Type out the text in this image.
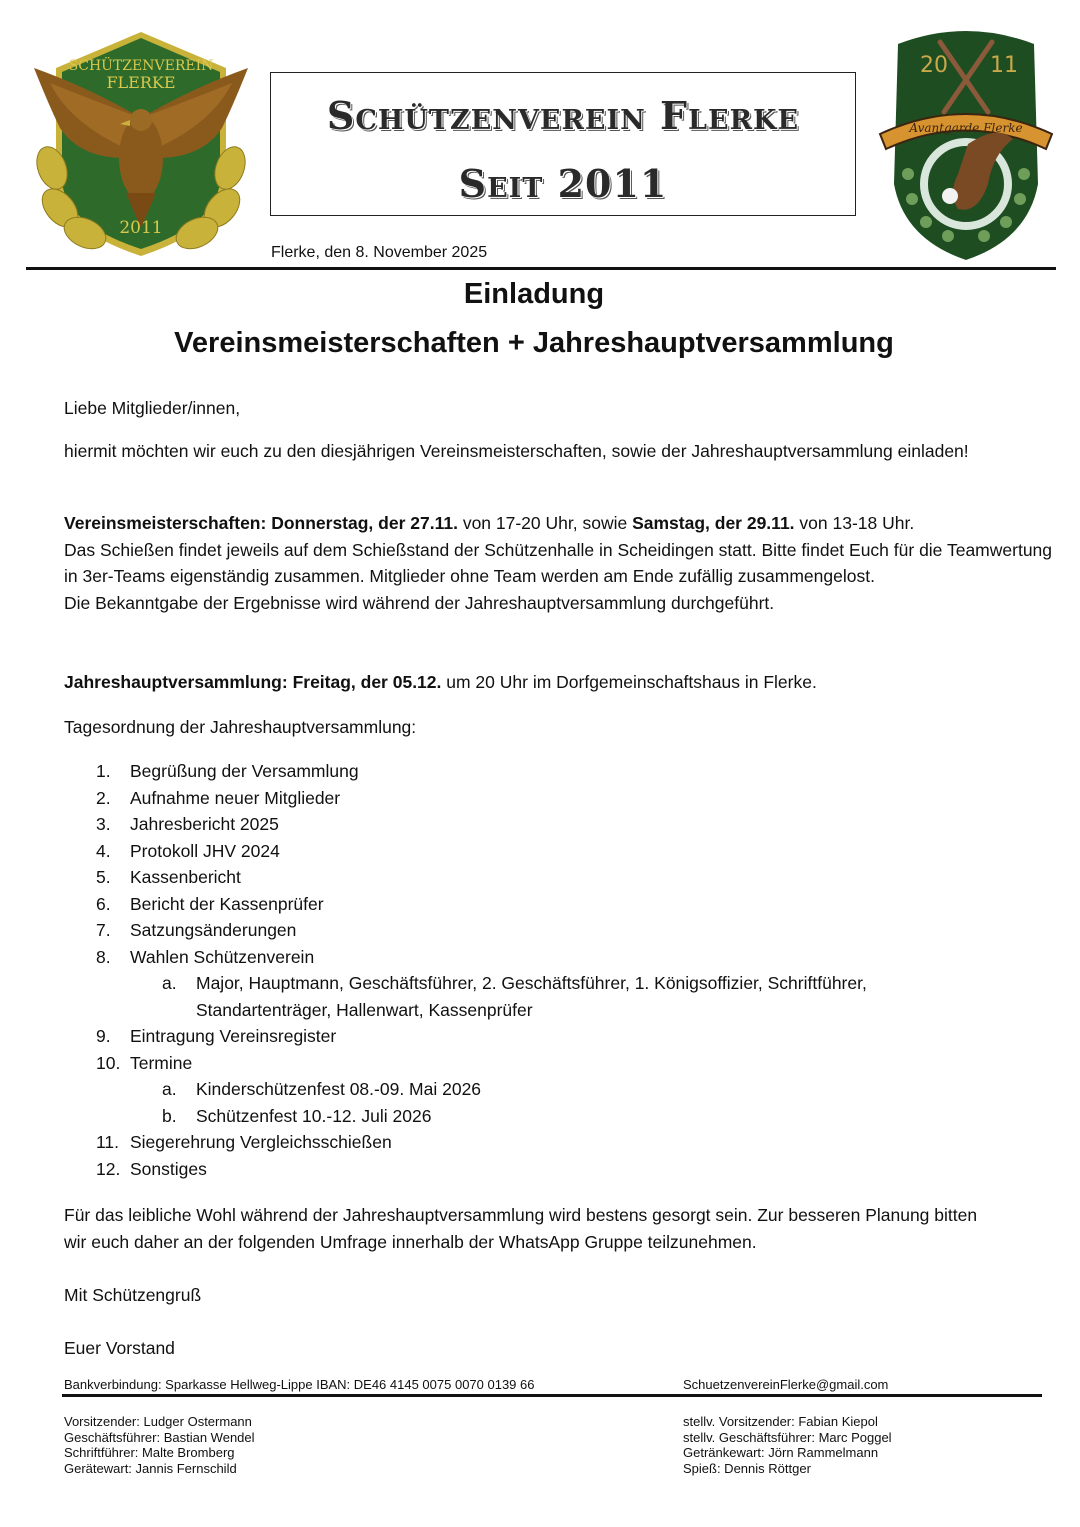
SCHÜTZENVEREIN
FLERKE
2011
Schützenverein Flerke
Seit 2011
20 11
Avantgarde Flerke
Flerke, den 8. November 2025
Einladung
Vereinsmeisterschaften + Jahreshauptversammlung
Liebe Mitglieder/innen,
hiermit möchten wir euch zu den diesjährigen Vereinsmeisterschaften, sowie der Jahreshauptversammlung einladen!
Vereinsmeisterschaften: Donnerstag, der 27.11. von 17-20 Uhr, sowie Samstag, der 29.11. von 13-18 Uhr.
Das Schießen findet jeweils auf dem Schießstand der Schützenhalle in Scheidingen statt. Bitte findet Euch für die Teamwertung in 3er-Teams eigenständig zusammen. Mitglieder ohne Team werden am Ende zufällig zusammengelost.
Die Bekanntgabe der Ergebnisse wird während der Jahreshauptversammlung durchgeführt.
Jahreshauptversammlung: Freitag, der 05.12. um 20 Uhr im Dorfgemeinschaftshaus in Flerke.
Tagesordnung der Jahreshauptversammlung:
1.	Begrüßung der Versammlung
2.	Aufnahme neuer Mitglieder
3.	Jahresbericht 2025
4.	Protokoll JHV 2024
5.	Kassenbericht
6.	Bericht der Kassenprüfer
7.	Satzungsänderungen
8.	Wahlen Schützenverein
a.	Major, Hauptmann, Geschäftsführer, 2. Geschäftsführer, 1. Königsoffizier, Schriftführer, Standartenträger, Hallenwart, Kassenprüfer
9.	Eintragung Vereinsregister
10. Termine
a.	Kinderschützenfest 08.-09. Mai 2026
b.	Schützenfest 10.-12. Juli 2026
11. Siegerehrung Vergleichsschießen
12. Sonstiges
Für das leibliche Wohl während der Jahreshauptversammlung wird bestens gesorgt sein. Zur besseren Planung bitten wir euch daher an der folgenden Umfrage innerhalb der WhatsApp Gruppe teilzunehmen.
Mit Schützengruß
Euer Vorstand
Bankverbindung: Sparkasse Hellweg-Lippe IBAN: DE46 4145 0075 0070 0139 66	SchuetzenvereinFlerke@gmail.com
Vorsitzender: Ludger Ostermann
Geschäftsführer: Bastian Wendel
Schriftführer: Malte Bromberg
Gerätewart: Jannis Fernschild
stellv. Vorsitzender: Fabian Kiepol
stellv. Geschäftsführer: Marc Poggel
Getränkewart: Jörn Rammelmann
Spieß: Dennis Röttger
